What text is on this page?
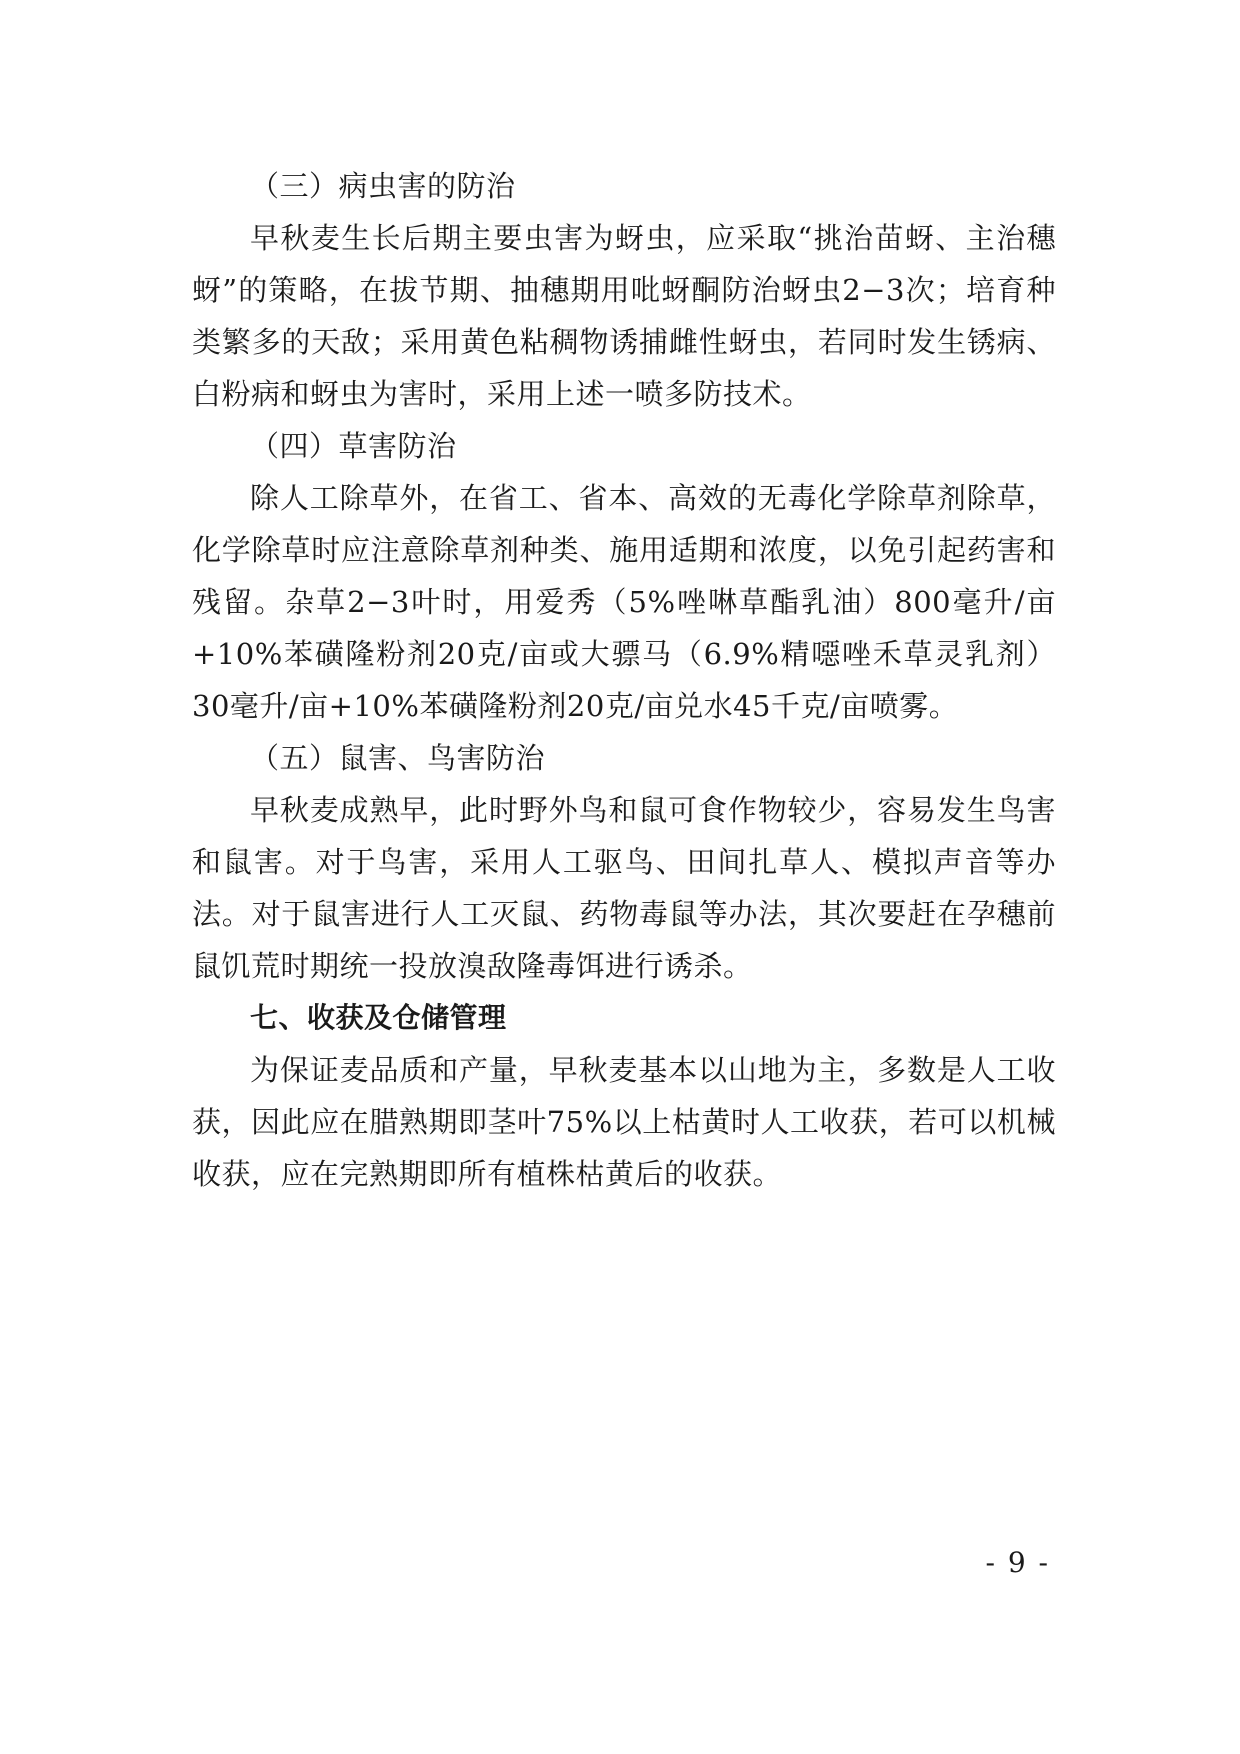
（三）病虫害的防治

早秋麦生长后期主要虫害为蚜虫，应采取“挑治苗蚜、主治穗蚜”的策略，在拔节期、抽穗期用吡蚜酮防治蚜虫2−3次；培育种类繁多的天敌；采用黄色粘稠物诱捕雌性蚜虫，若同时发生锈病、白粉病和蚜虫为害时，采用上述一喷多防技术。

（四）草害防治

除人工除草外，在省工、省本、高效的无毒化学除草剂除草，化学除草时应注意除草剂种类、施用适期和浓度，以免引起药害和残留。杂草2−3叶时，用爱秀（5%唑啉草酯乳油）800毫升/亩+10%苯磺隆粉剂20克/亩或大骠马（6.9%精噁唑禾草灵乳剂）30毫升/亩+10%苯磺隆粉剂20克/亩兑水45千克/亩喷雾。

（五）鼠害、鸟害防治

早秋麦成熟早，此时野外鸟和鼠可食作物较少，容易发生鸟害和鼠害。对于鸟害，采用人工驱鸟、田间扎草人、模拟声音等办法。对于鼠害进行人工灭鼠、药物毒鼠等办法，其次要赶在孕穗前鼠饥荒时期统一投放溴敌隆毒饵进行诱杀。

七、收获及仓储管理

为保证麦品质和产量，早秋麦基本以山地为主，多数是人工收获，因此应在腊熟期即茎叶75%以上枯黄时人工收获，若可以机械收获，应在完熟期即所有植株枯黄后的收获。

- 9 -
